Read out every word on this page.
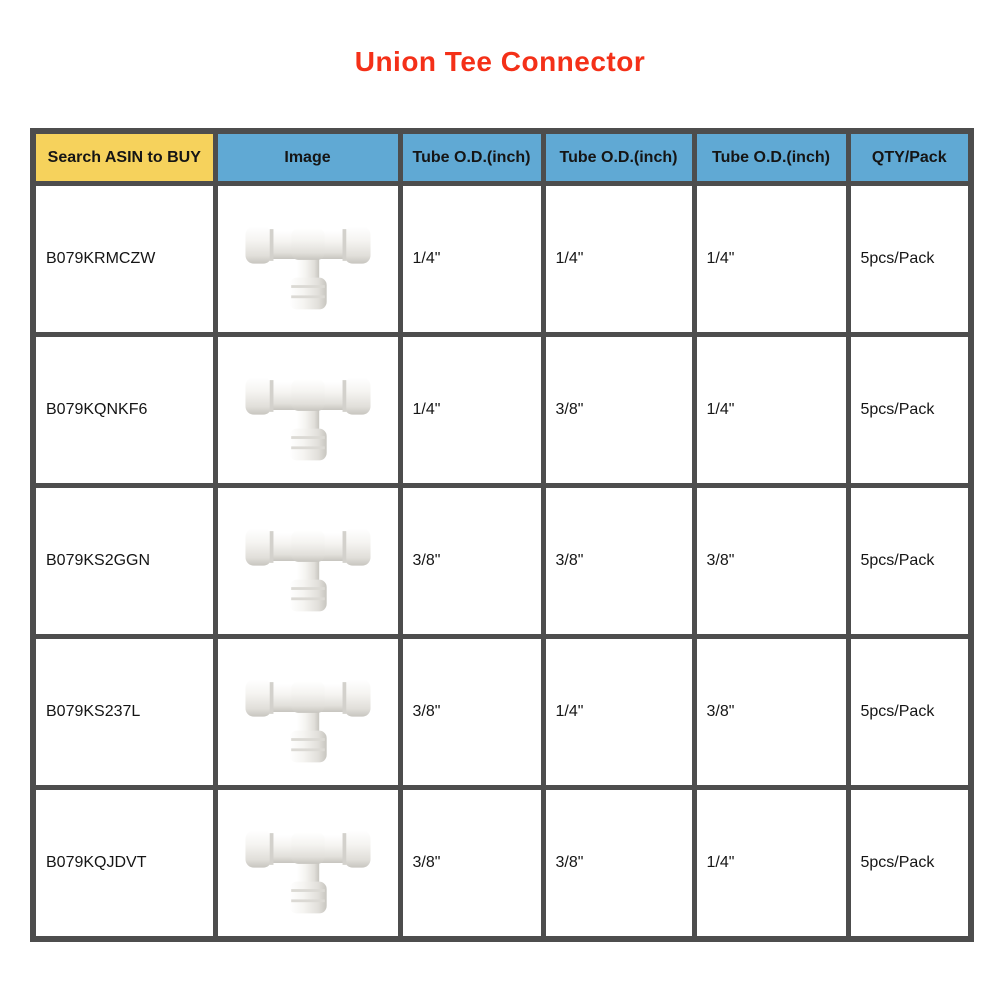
Union Tee Connector
Search ASIN to BUY	Image	Tube O.D.(inch)	Tube O.D.(inch)	Tube O.D.(inch)	QTY/Pack
B079KRMCZW		1/4"	1/4"	1/4"	5pcs/Pack
B079KQNKF6		1/4"	3/8"	1/4"	5pcs/Pack
B079KS2GGN		3/8"	3/8"	3/8"	5pcs/Pack
B079KS237L		3/8"	1/4"	3/8"	5pcs/Pack
B079KQJDVT		3/8"	3/8"	1/4"	5pcs/Pack
